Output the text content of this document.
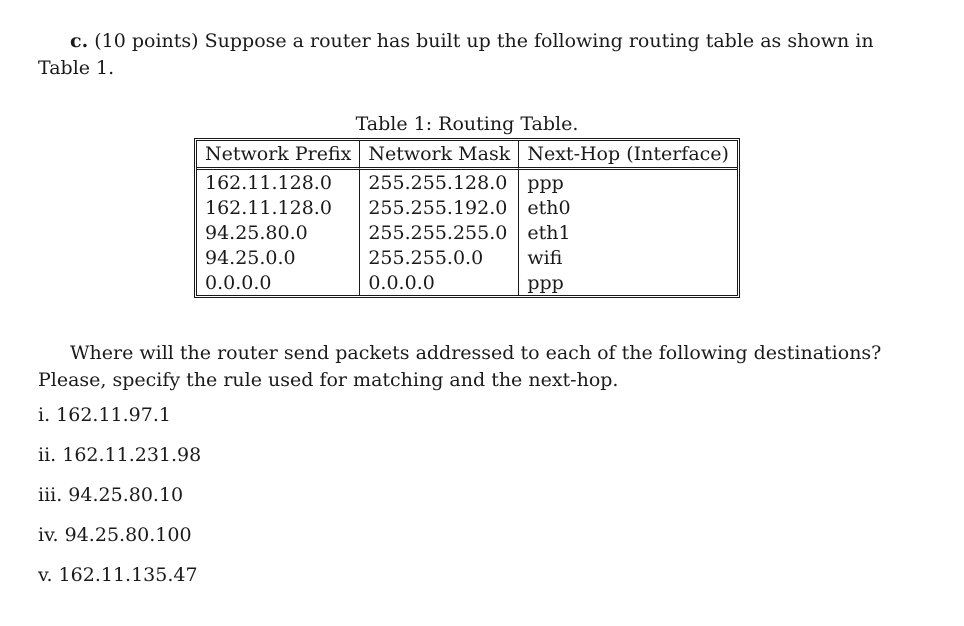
c. (10 points) Suppose a router has built up the following routing table as shown in
Table 1.
Table 1: Routing Table.
Network Prefix	Network Mask	Next-Hop (Interface)
162.11.128.0	255.255.128.0	ppp
162.11.128.0	255.255.192.0	eth0
94.25.80.0	255.255.255.0	eth1
94.25.0.0	255.255.0.0	wifi
0.0.0.0	0.0.0.0	ppp
Where will the router send packets addressed to each of the following destinations?
Please, specify the rule used for matching and the next-hop.
i. 162.11.97.1
ii. 162.11.231.98
iii. 94.25.80.10
iv. 94.25.80.100
v. 162.11.135.47
